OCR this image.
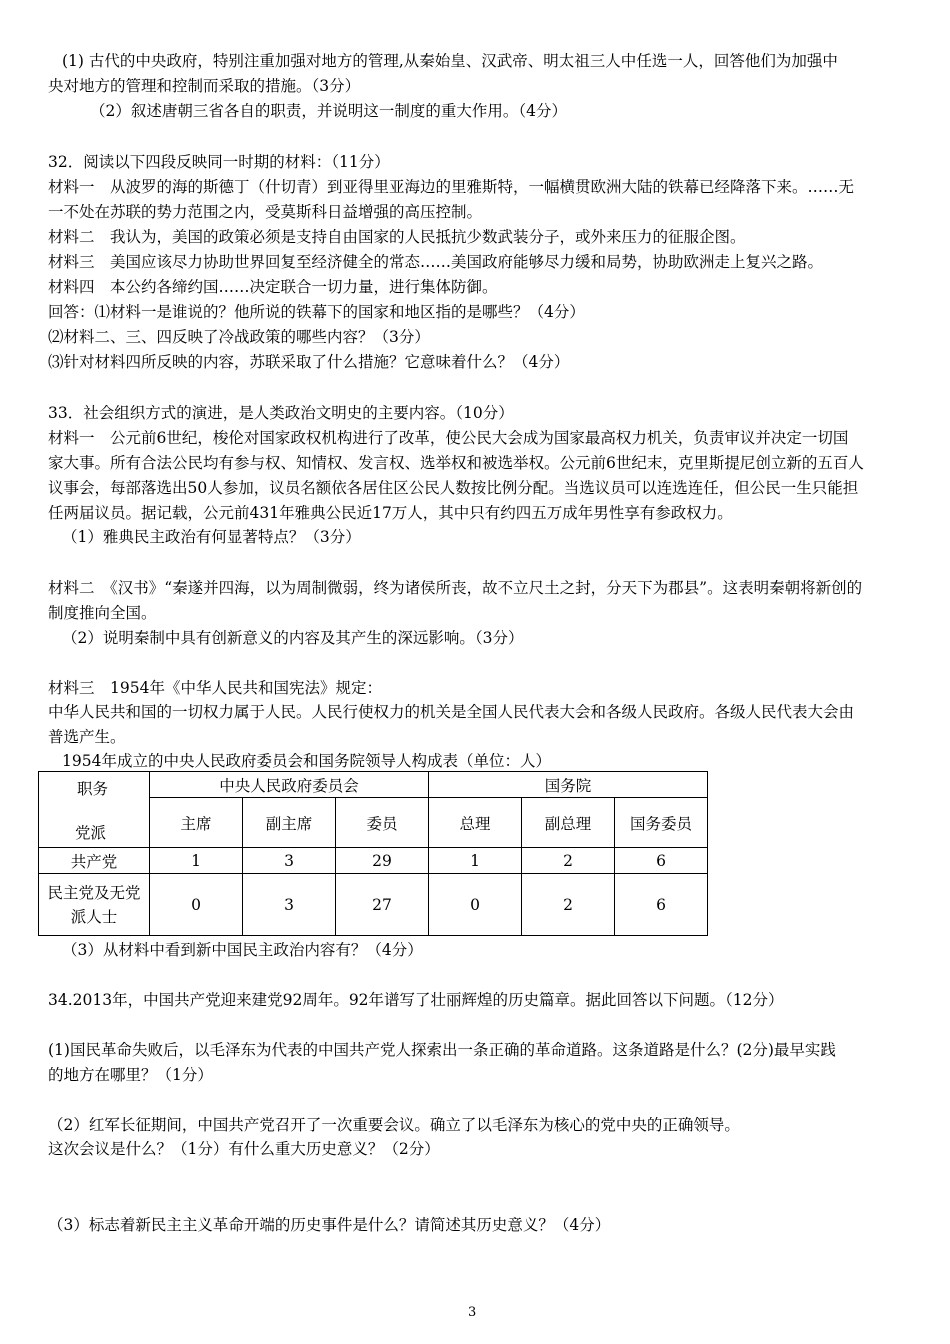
(1) 古代的中央政府，特别注重加强对地方的管理,从秦始皇、汉武帝、明太祖三人中任选一人，回答他们为加强中
央对地方的管理和控制而采取的措施。（3分）
（2）叙述唐朝三省各自的职责，并说明这一制度的重大作用。（4分）
32．阅读以下四段反映同一时期的材料：（11分）
材料一　从波罗的海的斯德丁（什切青）到亚得里亚海边的里雅斯特，一幅横贯欧洲大陆的铁幕已经降落下来。……无
一不处在苏联的势力范围之内，受莫斯科日益增强的高压控制。
材料二　我认为，美国的政策必须是支持自由国家的人民抵抗少数武装分子，或外来压力的征服企图。
材料三　美国应该尽力协助世界回复至经济健全的常态……美国政府能够尽力缓和局势，协助欧洲走上复兴之路。
材料四　本公约各缔约国……决定联合一切力量，进行集体防御。
回答：⑴材料一是谁说的？他所说的铁幕下的国家和地区指的是哪些？（4分）
⑵材料二、三、四反映了冷战政策的哪些内容？（3分）
⑶针对材料四所反映的内容，苏联采取了什么措施？它意味着什么？（4分）
33．社会组织方式的演进，是人类政治文明史的主要内容。（10分）
材料一　公元前6世纪，梭伦对国家政权机构进行了改革，使公民大会成为国家最高权力机关，负责审议并决定一切国
家大事。所有合法公民均有参与权、知情权、发言权、选举权和被选举权。公元前6世纪末，克里斯提尼创立新的五百人
议事会，每部落选出50人参加，议员名额依各居住区公民人数按比例分配。当选议员可以连选连任，但公民一生只能担
任两届议员。据记载，公元前431年雅典公民近17万人，其中只有约四五万成年男性享有参政权力。
（1）雅典民主政治有何显著特点？（3分）
材料二　《汉书》“秦遂并四海，以为周制微弱，终为诸侯所丧，故不立尺土之封，分天下为郡县”。这表明秦朝将新创的
制度推向全国。
（2）说明秦制中具有创新意义的内容及其产生的深远影响。（3分）
材料三　1954年《中华人民共和国宪法》规定：
中华人民共和国的一切权力属于人民。人民行使权力的机关是全国人民代表大会和各级人民政府。各级人民代表大会由
普选产生。
1954年成立的中央人民政府委员会和国务院领导人构成表（单位：人）
职务
党派	中央人民政府委员会			国务院		
	主席	副主席	委员	总理	副总理	国务委员
共产党	1	3	29	1	2	6
民主党及无党派人士	0	3	27	0	2	6
（3）从材料中看到新中国民主政治内容有？（4分）
34.2013年，中国共产党迎来建党92周年。92年谱写了壮丽辉煌的历史篇章。据此回答以下问题。（12分）
(1)国民革命失败后，以毛泽东为代表的中国共产党人探索出一条正确的革命道路。这条道路是什么？(2分)最早实践
的地方在哪里？（1分）
（2）红军长征期间，中国共产党召开了一次重要会议。确立了以毛泽东为核心的党中央的正确领导。
这次会议是什么？（1分）有什么重大历史意义？（2分）
（3）标志着新民主主义革命开端的历史事件是什么？请简述其历史意义？（4分）
3
